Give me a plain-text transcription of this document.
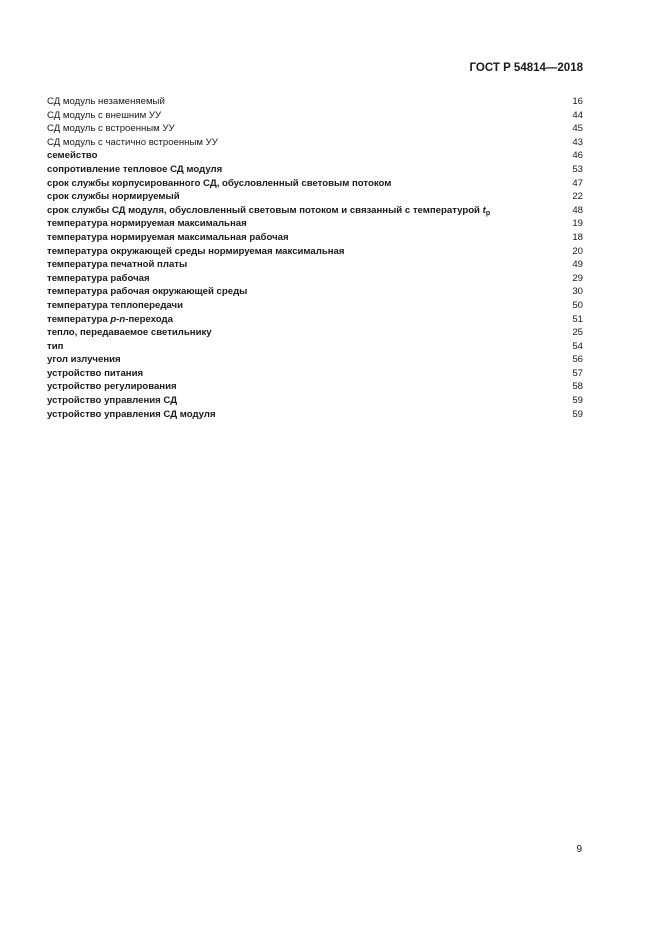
ГОСТ Р 54814—2018
СД модуль незаменяемый	16
СД модуль с внешним УУ	44
СД модуль с встроенным УУ	45
СД модуль с частично встроенным УУ	43
семейство	46
сопротивление тепловое СД модуля	53
срок службы корпусированного СД, обусловленный световым потоком	47
срок службы нормируемый	22
срок службы СД модуля, обусловленный световым потоком и связанный с температурой $t_p$	48
температура нормируемая максимальная	19
температура нормируемая максимальная рабочая	18
температура окружающей среды нормируемая максимальная	20
температура печатной платы	49
температура рабочая	29
температура рабочая окружающей среды	30
температура теплопередачи	50
температура p-n-перехода	51
тепло, передаваемое светильнику	25
тип	54
угол излучения	56
устройство питания	57
устройство регулирования	58
устройство управления СД	59
устройство управления СД модуля	59
9
